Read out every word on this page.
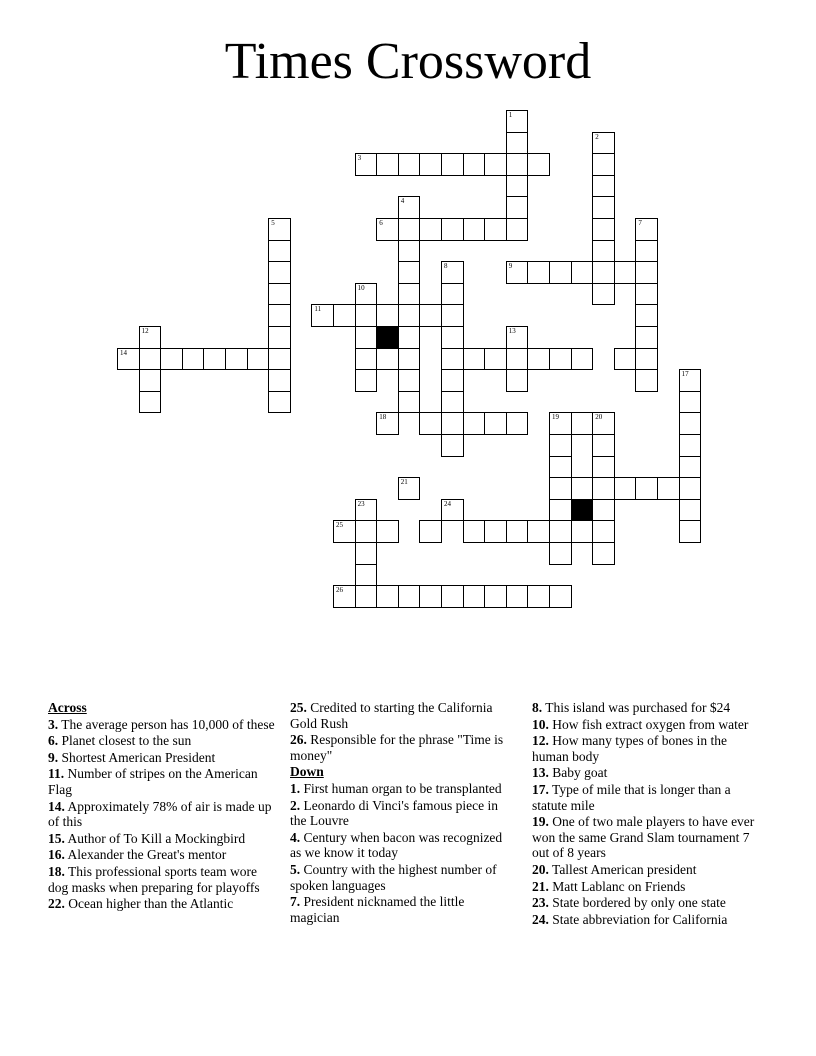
Times Crossword
1
2
3
4
5	6	7
8	9
10
11
12	13
14
17
18	19	20
21
23	24
25
26
Across
3. The average person has 10,000 of these
6. Planet closest to the sun
9. Shortest American President
11. Number of stripes on the American Flag
14. Approximately 78% of air is made up of this
15. Author of To Kill a Mockingbird
16. Alexander the Great's mentor
18. This professional sports team wore dog masks when preparing for playoffs
22. Ocean higher than the Atlantic
25. Credited to starting the California Gold Rush
26. Responsible for the phrase "Time is money"
Down
1. First human organ to be transplanted
2. Leonardo di Vinci's famous piece in the Louvre
4. Century when bacon was recognized as we know it today
5. Country with the highest number of spoken languages
7. President nicknamed the little magician
8. This island was purchased for $24
10. How fish extract oxygen from water
12. How many types of bones in the human body
13. Baby goat
17. Type of mile that is longer than a statute mile
19. One of two male players to have ever won the same Grand Slam tournament 7 out of 8 years
20. Tallest American president
21. Matt Lablanc on Friends
23. State bordered by only one state
24. State abbreviation for California
